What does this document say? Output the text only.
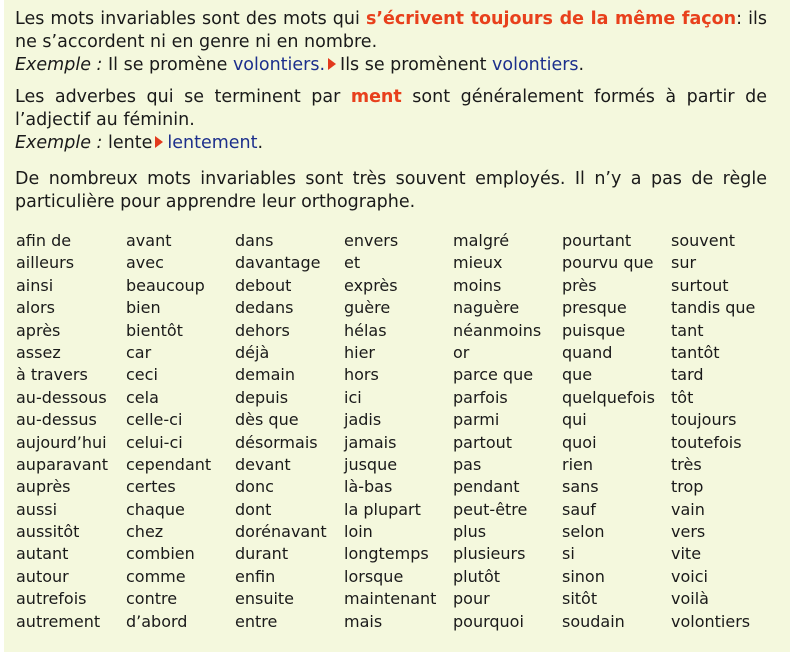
Les mots invariables sont des mots qui s’écrivent toujours de la même façon: ils
ne s’accordent ni en genre ni en nombre.
Exemple : Il se promène volontiers. Ils se promènent volontiers.
Les adverbes qui se terminent par ment sont généralement formés à partir de
l’adjectif au féminin.
Exemple : lente lentement.
De nombreux mots invariables sont très souvent employés. Il n’y a pas de règle
particulière pour apprendre leur orthographe.
afin de
ailleurs
ainsi
alors
après
assez
à travers
au-dessous
au-dessus
aujourd’hui
auparavant
auprès
aussi
aussitôt
autant
autour
autrefois
autrement
avant
avec
beaucoup
bien
bientôt
car
ceci
cela
celle-ci
celui-ci
cependant
certes
chaque
chez
combien
comme
contre
d’abord
dans
davantage
debout
dedans
dehors
déjà
demain
depuis
dès que
désormais
devant
donc
dont
dorénavant
durant
enfin
ensuite
entre
envers
et
exprès
guère
hélas
hier
hors
ici
jadis
jamais
jusque
là-bas
la plupart
loin
longtemps
lorsque
maintenant
mais
malgré
mieux
moins
naguère
néanmoins
or
parce que
parfois
parmi
partout
pas
pendant
peut-être
plus
plusieurs
plutôt
pour
pourquoi
pourtant
pourvu que
près
presque
puisque
quand
que
quelquefois
qui
quoi
rien
sans
sauf
selon
si
sinon
sitôt
soudain
souvent
sur
surtout
tandis que
tant
tantôt
tard
tôt
toujours
toutefois
très
trop
vain
vers
vite
voici
voilà
volontiers
